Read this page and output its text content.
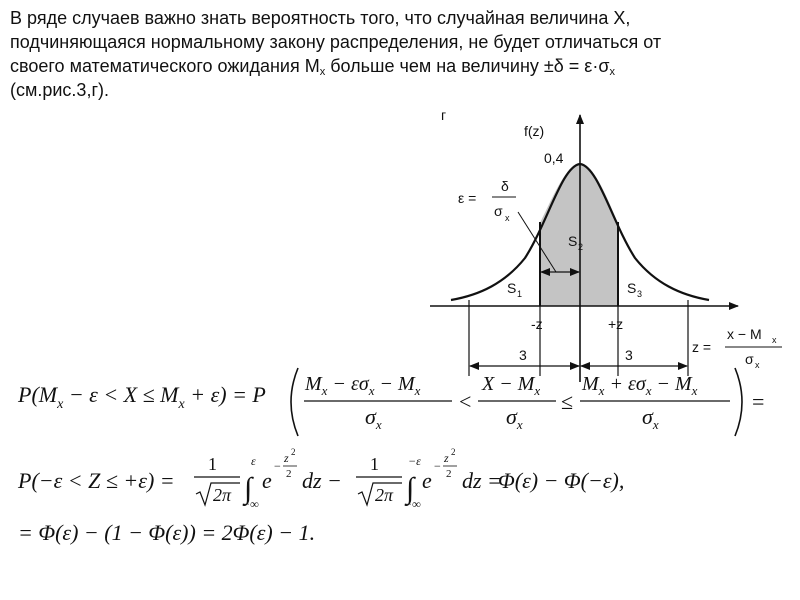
В ряде случаев важно знать вероятность того, что случайная величина X,
подчиняющаяся нормальному закону распределения, не будет отличаться от
своего математического ожидания $M_x$ больше чем на величину $\pm\delta = \varepsilon\cdot\sigma_x$
(см.рис.3,г).
г
f(z)
0,4
ε =
δ
σ x
S 2
S 1	S 3
-z	+z
3	3	z =
x − M x
σ x
$P(M_x - \varepsilon < X \le M_x + \varepsilon) = P$ $M_x - \varepsilon\sigma_x - M_x$
$\sigma_x$
<
$X - M_x$
$\sigma_x$
≤
$M_x + \varepsilon\sigma_x - M_x$
$\sigma_x$
=
P(−ε < Z ≤ +ε) =
1
2π ∫
ε
−∞
e
−
z 2
2 dz −
1
2π ∫
−ε
−∞
e
−
z 2
2 dz =
Φ(ε) − Φ(−ε),
= Φ(ε) − (1 − Φ(ε)) = 2Φ(ε) − 1.
